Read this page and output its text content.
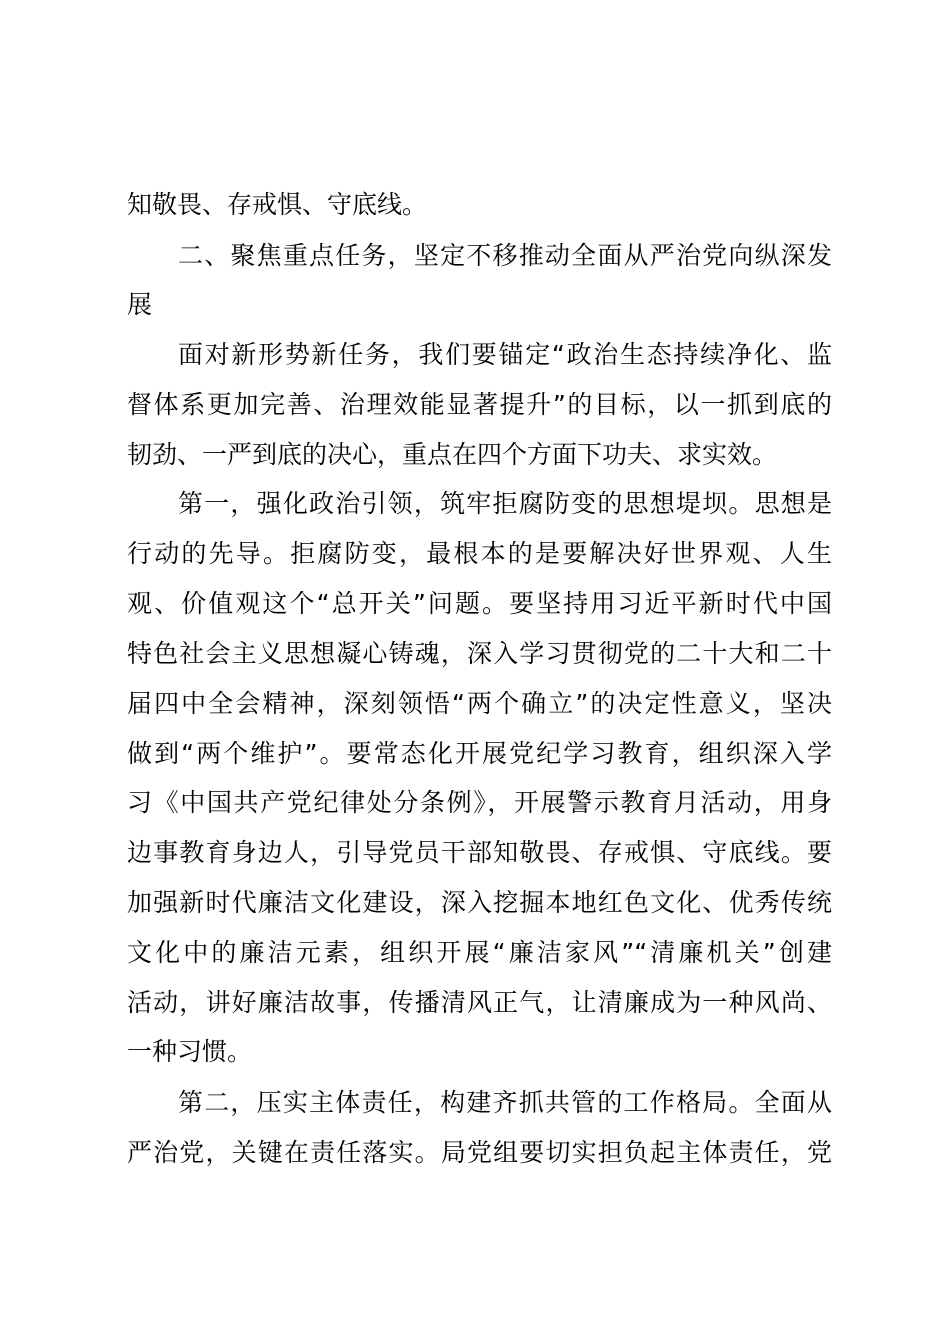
知敬畏、存戒惧、守底线。
二、聚焦重点任务，坚定不移推动全面从严治党向纵深发
展
面对新形势新任务，我们要锚定“政治生态持续净化、监
督体系更加完善、治理效能显著提升”的目标，以一抓到底的
韧劲、一严到底的决心，重点在四个方面下功夫、求实效。
第一，强化政治引领，筑牢拒腐防变的思想堤坝。思想是
行动的先导。拒腐防变，最根本的是要解决好世界观、人生
观、价值观这个“总开关”问题。要坚持用习近平新时代中国
特色社会主义思想凝心铸魂，深入学习贯彻党的二十大和二十
届四中全会精神，深刻领悟“两个确立”的决定性意义，坚决
做到“两个维护”。要常态化开展党纪学习教育，组织深入学
习《中国共产党纪律处分条例》，开展警示教育月活动，用身
边事教育身边人，引导党员干部知敬畏、存戒惧、守底线。要
加强新时代廉洁文化建设，深入挖掘本地红色文化、优秀传统
文化中的廉洁元素，组织开展“廉洁家风”“清廉机关”创建
活动，讲好廉洁故事，传播清风正气，让清廉成为一种风尚、
一种习惯。
第二，压实主体责任，构建齐抓共管的工作格局。全面从
严治党，关键在责任落实。局党组要切实担负起主体责任，党
